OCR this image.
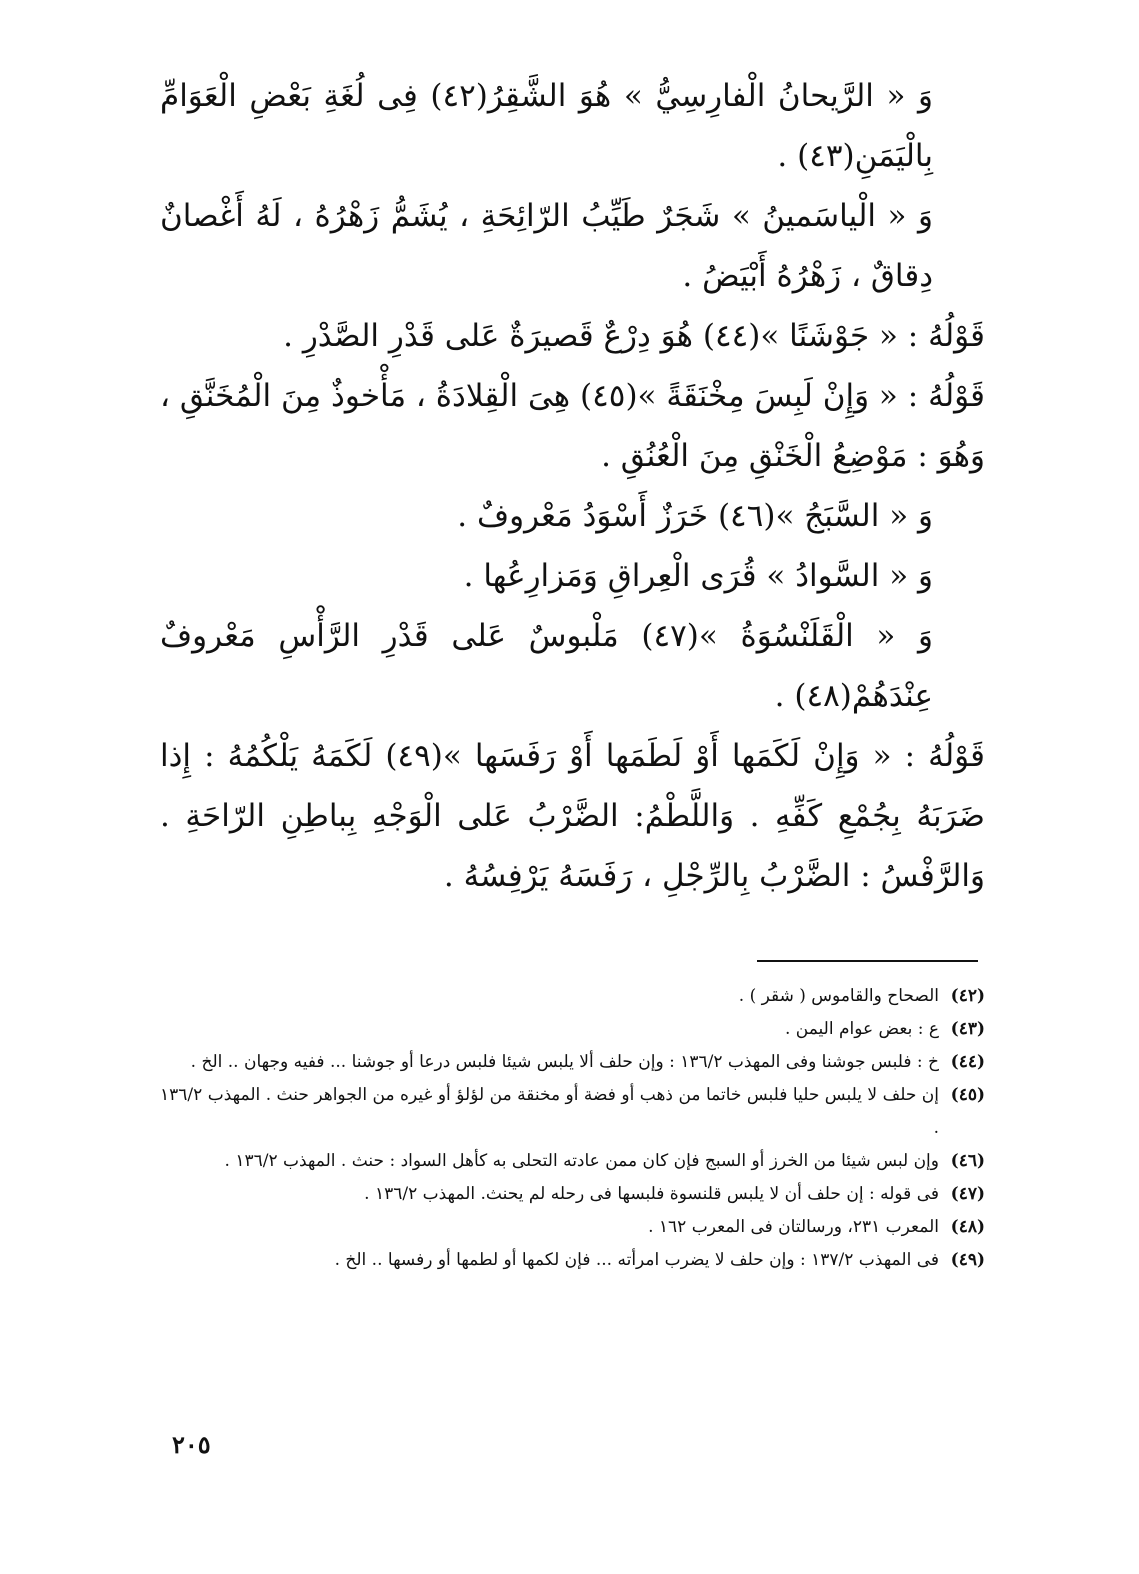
وَ « الرَّيحانُ الْفارِسِيُّ » هُوَ الشَّقِرُ(٤٢) فِى لُغَةِ بَعْضِ الْعَوَامِّ بِالْيَمَنِ(٤٣) .

وَ « الْياسَمينُ » شَجَرٌ طَيِّبُ الرّائِحَةِ ، يُشَمُّ زَهْرُهُ ، لَهُ أَغْصانٌ دِقاقٌ ، زَهْرُهُ أَبْيَضُ .

قَوْلُهُ : « جَوْشَنًا »(٤٤) هُوَ دِرْعٌ قَصيرَةٌ عَلى قَدْرِ الصَّدْرِ .

قَوْلُهُ : « وَإِنْ لَبِسَ مِخْنَقَةً »(٤٥) هِىَ الْقِلادَةُ ، مَأْخوذٌ مِنَ الْمُخَنَّقِ ، وَهُوَ : مَوْضِعُ الْخَنْقِ مِنَ الْعُنُقِ .

وَ « السَّبَجُ »(٤٦) خَرَزٌ أَسْوَدُ مَعْروفٌ .

وَ « السَّوادُ » قُرَى الْعِراقِ وَمَزارِعُها .

وَ « الْقَلَنْسُوَةُ »(٤٧) مَلْبوسٌ عَلى قَدْرِ الرَّأْسِ مَعْروفٌ عِنْدَهُمْ(٤٨) .

قَوْلُهُ : « وَإِنْ لَكَمَها أَوْ لَطَمَها أَوْ رَفَسَها »(٤٩) لَكَمَهُ يَلْكُمُهُ : إِذا ضَرَبَهُ بِجُمْعِ كَفِّهِ . وَاللَّطْمُ: الضَّرْبُ عَلى الْوَجْهِ بِباطِنِ الرّاحَةِ . وَالرَّفْسُ : الضَّرْبُ بِالرِّجْلِ ، رَفَسَهُ يَرْفِسُهُ .

(٤٢)
الصحاح والقاموس ( شقر ) .
(٤٣)
ع : بعض عوام اليمن .
(٤٤)
خ : فلبس جوشنا وفى المهذب ١٣٦/٢ : وإن حلف ألا يلبس شيئا فلبس درعا أو جوشنا ... ففيه وجهان .. الخ .
(٤٥)
إن حلف لا يلبس حليا فلبس خاتما من ذهب أو فضة أو مخنقة من لؤلؤ أو غيره من الجواهر حنث . المهذب ١٣٦/٢ .
(٤٦)
وإن لبس شيئا من الخرز أو السبج فإن كان ممن عادته التحلى به كأهل السواد : حنث . المهذب ١٣٦/٢ .
(٤٧)
فى قوله : إن حلف أن لا يلبس قلنسوة فلبسها فى رحله لم يحنث. المهذب ١٣٦/٢ .
(٤٨)
المعرب ٢٣١، ورسالتان فى المعرب ١٦٢ .
(٤٩)
فى المهذب ١٣٧/٢ : وإن حلف لا يضرب امرأته ... فإن لكمها أو لطمها أو رفسها .. الخ .
٢٠٥
